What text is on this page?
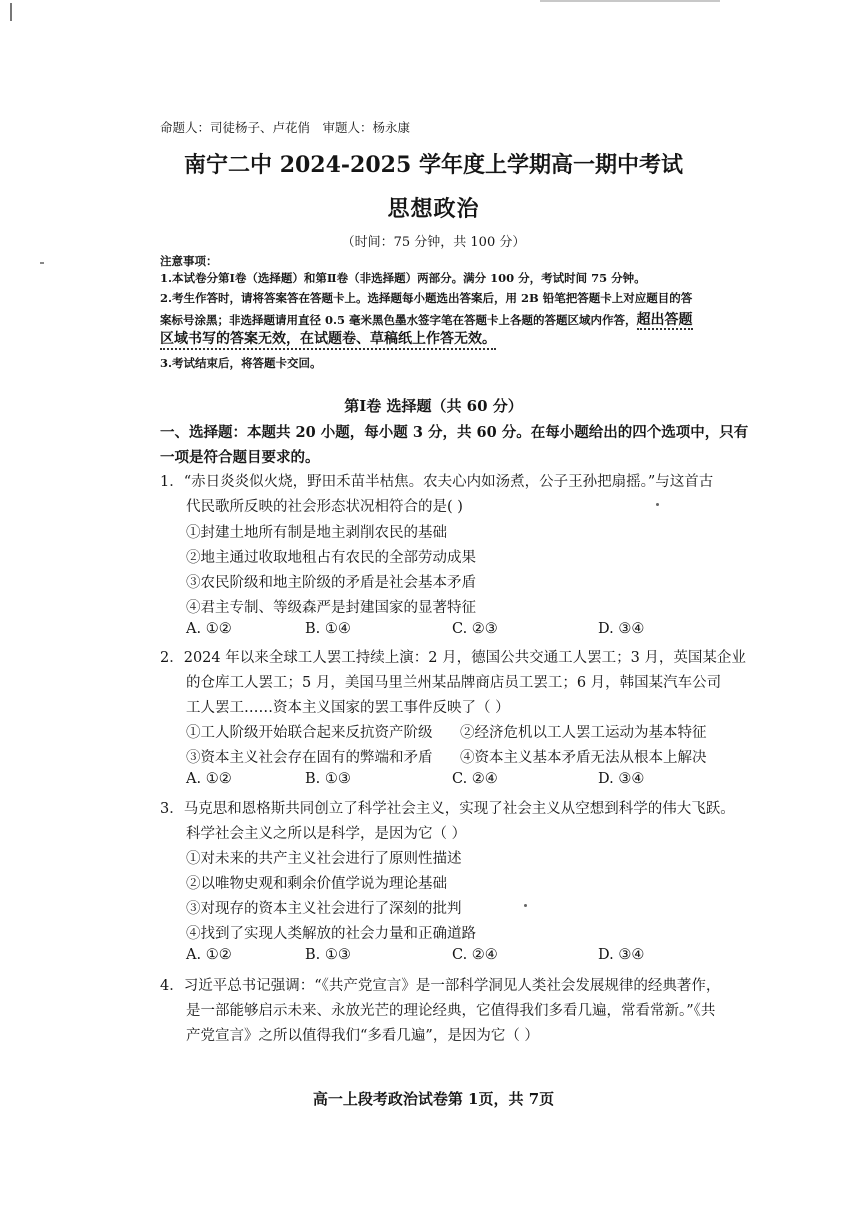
命题人：司徒杨子、卢花俏　审题人：杨永康
南宁二中 2024-2025 学年度上学期高一期中考试
思想政治
（时间：75 分钟，共 100 分）
注意事项：
1.本试卷分第Ⅰ卷（选择题）和第Ⅱ卷（非选择题）两部分。满分 100 分，考试时间 75 分钟。
2.考生作答时，请将答案答在答题卡上。选择题每小题选出答案后，用 2B 铅笔把答题卡上对应题目的答
案标号涂黑；非选择题请用直径 0.5 毫米黑色墨水签字笔在答题卡上各题的答题区域内作答，超出答题
区域书写的答案无效，在试题卷、草稿纸上作答无效。
3.考试结束后，将答题卡交回。
第Ⅰ卷 选择题（共 60 分）
一、选择题：本题共 20 小题，每小题 3 分，共 60 分。在每小题给出的四个选项中，只有
一项是符合题目要求的。
1．“赤日炎炎似火烧，野田禾苗半枯焦。农夫心内如汤煮，公子王孙把扇摇。”与这首古
代民歌所反映的社会形态状况相符合的是( )
①封建土地所有制是地主剥削农民的基础
②地主通过收取地租占有农民的全部劳动成果
③农民阶级和地主阶级的矛盾是社会基本矛盾
④君主专制、等级森严是封建国家的显著特征
A. ①②	B. ①④	C. ②③	D. ③④
2．2024 年以来全球工人罢工持续上演：2 月，德国公共交通工人罢工；3 月，英国某企业
的仓库工人罢工；5 月，美国马里兰州某品牌商店员工罢工；6 月，韩国某汽车公司
工人罢工……资本主义国家的罢工事件反映了（ ）
①工人阶级开始联合起来反抗资产阶级 ②经济危机以工人罢工运动为基本特征
③资本主义社会存在固有的弊端和矛盾 ④资本主义基本矛盾无法从根本上解决
A. ①②	B. ①③	C. ②④	D. ③④
3．马克思和恩格斯共同创立了科学社会主义，实现了社会主义从空想到科学的伟大飞跃。
科学社会主义之所以是科学，是因为它（ ）
①对未来的共产主义社会进行了原则性描述
②以唯物史观和剩余价值学说为理论基础
③对现存的资本主义社会进行了深刻的批判
④找到了实现人类解放的社会力量和正确道路
A. ①②	B. ①③	C. ②④	D. ③④
4．习近平总书记强调：“《共产党宣言》是一部科学洞见人类社会发展规律的经典著作，
是一部能够启示未来、永放光芒的理论经典，它值得我们多看几遍，常看常新。”《共
产党宣言》之所以值得我们“多看几遍”，是因为它（ ）
高一上段考政治试卷第 1页，共 7页
